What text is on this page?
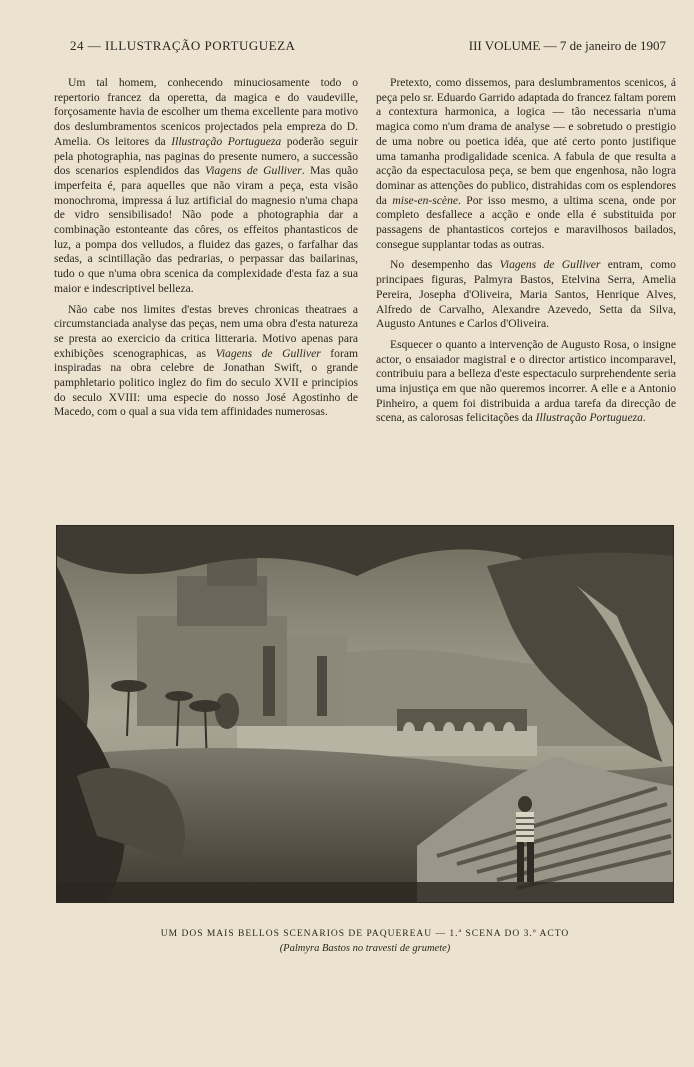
24 — ILLUSTRAÇÃO PORTUGUEZA	III VOLUME — 7 de janeiro de 1907

Um tal homem, conhecendo minuciosamente todo o repertorio francez da operetta, da magica e do vaudeville, forçosamente havia de escolher um thema excellente para motivo dos deslumbramentos scenicos projectados pela empreza do D. Amelia. Os leitores da Illustração Portugueza poderão seguir pela photographia, nas paginas do presente numero, a successão dos scenarios esplendidos das Viagens de Gulliver. Mas quão imperfeita é, para aquelles que não viram a peça, esta visão monochroma, impressa á luz artificial do magnesio n'uma chapa de vidro sensibilisado! Não pode a photographia dar a combinação estonteante das côres, os effeitos phantasticos de luz, a pompa dos velludos, a fluidez das gazes, o farfalhar das sedas, a scintillação das pedrarias, o perpassar das bailarinas, tudo o que n'uma obra scenica da complexidade d'esta faz a sua maior e indescriptivel belleza.

Não cabe nos limites d'estas breves chronicas theatraes a circumstanciada analyse das peças, nem uma obra d'esta natureza se presta ao exercicio da critica litteraria. Motivo apenas para exhibições scenographicas, as Viagens de Gulliver foram inspiradas na obra celebre de Jonathan Swift, o grande pamphletario politico inglez do fim do seculo XVII e principios do seculo XVIII: uma especie do nosso José Agostinho de Macedo, com o qual a sua vida tem affinidades numerosas.

Pretexto, como dissemos, para deslumbramentos scenicos, á peça pelo sr. Eduardo Garrido adaptada do francez faltam porem a contextura harmonica, a logica — tão necessaria n'uma magica como n'um drama de analyse — e sobretudo o prestigio de uma nobre ou poetica idéa, que até certo ponto justifique uma tamanha prodigalidade scenica. A fabula de que resulta a acção da espectaculosa peça, se bem que engenhosa, não logra dominar as attenções do publico, distrahidas com os esplendores da mise-en-scène. Por isso mesmo, a ultima scena, onde por completo desfallece a acção e onde ella é substituida por passagens de phantasticos cortejos e maravilhosos bailados, consegue supplantar todas as outras.

No desempenho das Viagens de Gulliver entram, como principaes figuras, Palmyra Bastos, Etelvina Serra, Amelia Pereira, Josepha d'Oliveira, Maria Santos, Henrique Alves, Alfredo de Carvalho, Alexandre Azevedo, Setta da Silva, Augusto Antunes e Carlos d'Oliveira.

Esquecer o quanto a intervenção de Augusto Rosa, o insigne actor, o ensaiador magistral e o director artistico incomparavel, contribuiu para a belleza d'este espectaculo surprehendente seria uma injustiça em que não queremos incorrer. A elle e a Antonio Pinheiro, a quem foi distribuida a ardua tarefa da direcção de scena, as calorosas felicitações da Illustração Portugueza.

UM DOS MAIS BELLOS SCENARIOS DE PAQUEREAU — 1.ª SCENA DO 3.º ACTO
(Palmyra Bastos no travesti de grumete)
